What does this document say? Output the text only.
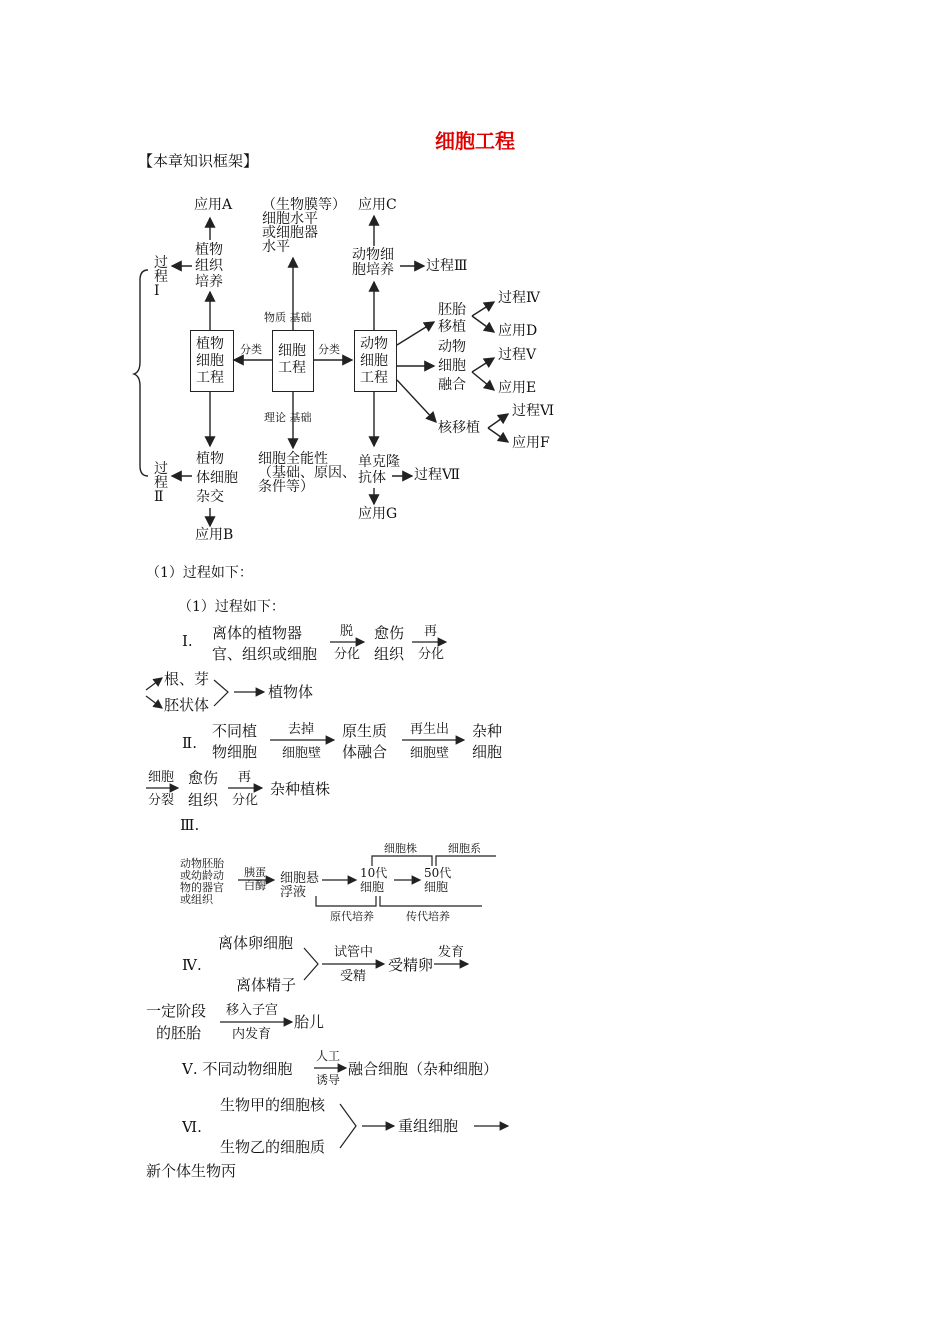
细胞工程
【本章知识框架】
过
程
Ⅰ
过
程
Ⅱ
应用A
植物
组织
培养
植物
细胞
工程
植物
体细胞
杂交
应用B
（生物膜等）
细胞水平
或细胞器
水平
物质 基础
分类 细胞
工程
分类
理论 基础
细胞全能性
（基础、原因、
条件等）
应用C
动物细
胞培养 过程Ⅲ
动物
细胞
工程
胚胎
移植
过程Ⅳ
应用D
动物
细胞
融合
过程Ⅴ
应用E
核移植
过程Ⅵ
应用F
单克隆
抗体	过程Ⅶ
应用G
（1）过程如下：
（1）过程如下：
Ⅰ. 离体的植物器
官、组织或细胞
脱
分化
愈伤
组织
再
分化
根、芽
胚状体
植物体
Ⅱ.
不同植
物细胞
去掉
细胞壁
原生质
体融合
再生出
细胞壁
杂种
细胞
细胞
分裂
愈伤
组织
再
分化
杂种植株
Ⅲ.
动物胚胎
或幼龄动
物的器官
或组织
胰蛋
白酶 细胞悬
浮液
10代
细胞
50代
细胞
细胞株	细胞系
原代培养	传代培养
Ⅳ.
离体卵细胞
离体精子
试管中
受精
受精卵
发育
一定阶段
的胚胎
移入子宫
内发育
胎儿
Ⅴ. 不同动物细胞
人工
诱导
融合细胞（杂种细胞）
Ⅵ.
生物甲的细胞核
生物乙的细胞质
重组细胞
新个体生物丙
